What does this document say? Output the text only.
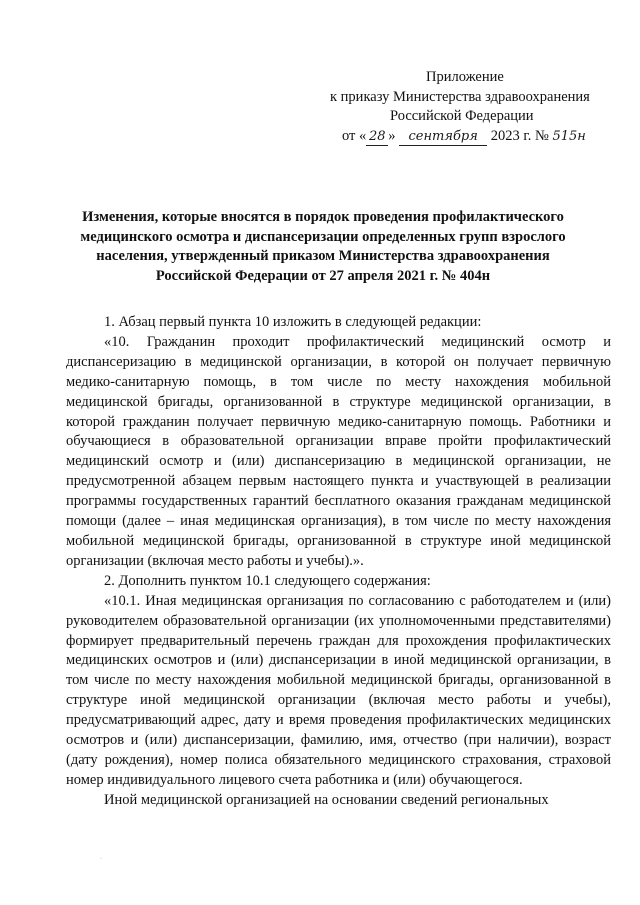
Приложение
к приказу Министерства здравоохранения
Российской Федерации
от « 28 » сентября 2023 г. № 515н
Изменения, которые вносятся в порядок проведения профилактического
медицинского осмотра и диспансеризации определенных групп взрослого
населения, утвержденный приказом Министерства здравоохранения
Российской Федерации от 27 апреля 2021 г. № 404н

1. Абзац первый пункта 10 изложить в следующей редакции:

«10. Гражданин проходит профилактический медицинский осмотр и диспансеризацию в медицинской организации, в которой он получает первичную медико-санитарную помощь, в том числе по месту нахождения мобильной медицинской бригады, организованной в структуре медицинской организации, в которой гражданин получает первичную медико-санитарную помощь. Работники и обучающиеся в образовательной организации вправе пройти профилактический медицинский осмотр и (или) диспансеризацию в медицинской организации, не предусмотренной абзацем первым настоящего пункта и участвующей в реализации программы государственных гарантий бесплатного оказания гражданам медицинской помощи (далее – иная медицинская организация), в том числе по месту нахождения мобильной медицинской бригады, организованной в структуре иной медицинской организации (включая место работы и учебы).».

2. Дополнить пунктом 10.1 следующего содержания:

«10.1. Иная медицинская организация по согласованию с работодателем и (или) руководителем образовательной организации (их уполномоченными представителями) формирует предварительный перечень граждан для прохождения профилактических медицинских осмотров и (или) диспансеризации в иной медицинской организации, в том числе по месту нахождения мобильной медицинской бригады, организованной в структуре иной медицинской организации (включая место работы и учебы), предусматривающий адрес, дату и время проведения профилактических медицинских осмотров и (или) диспансеризации, фамилию, имя, отчество (при наличии), возраст (дату рождения), номер полиса обязательного медицинского страхования, страховой номер индивидуального лицевого счета работника и (или) обучающегося.

Иной медицинской организацией на основании сведений региональных

·
